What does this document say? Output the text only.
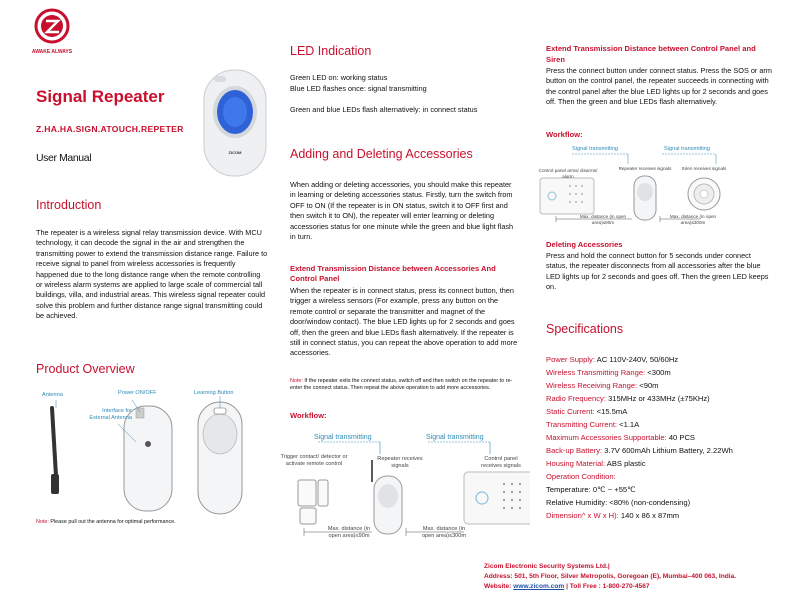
AWAKE ALWAYS
Signal Repeater
Z.HA.HA.SIGN.ATOUCH.REPETER
User Manual	ZICOM
Introduction
The repeater is a wireless signal relay transmission device. With MCU technology, it can decode the signal in the air and strengthen the transmitting power to extend the transmission distance range. Failure to receive signal to panel from wireless accessories is frequently happened due to the long distance range when the remote controlling or wireless alarm systems are applied to large scale of commercial tall buildings, villa, and industrial areas. This wireless signal repeater could solve this problem and further distance range signal transmitting could be achieved.
Product Overview
Antenna	Power ON/OFF	Learning Button
Interface for External Antenna
Note: Please pull out the antenna for optimal performance.
LED Indication
Green LED on: working status
Blue LED flashes once: signal transmitting
Green and blue LEDs flash alternatively: in connect status
Adding and Deleting Accessories
When adding or deleting accessories, you should make this repeater in learning or deleting accessories status. Firstly, turn the switch from OFF to ON (If the repeater is in ON status, switch it to OFF first and then switch it to ON), the repeater will enter learning or deleting accessories status for one minute while the green and blue light flash in turn.
Extend Transmission Distance between Accessories And Control Panel
When the repeater is in connect status, press its connect button, then trigger a wireless sensors (For example, press any button on the remote control or separate the transmitter and magnet of the door/window contact). The blue LED lights up for 2 seconds and goes off, then the green and blue LEDs flash alternatively. If the repeater is still in connect status, you can repeat the above operation to add more accessories.
Note: If the repeater exits the connect status, switch off and then switch on the repeater to re-enter the connect status. Then repeat the above operation to add more accessories.
Workflow:
Signal transmitting	Signal transmitting
Trigger contact/ detector or activate remote control
Repeater receives signals
Control panel receives signals
Max. distance (in open area)≤90m
Max. distance (in open area)≤300m
Extend Transmission Distance between Control Panel and Siren
Press the connect button under connect status. Press the SOS or arm button on the control panel, the repeater succeeds in connecting with the control panel after the blue LED lights up for 2 seconds and goes off. Then the green and blue LEDs flash alternatively.
Workflow:
Signal transmitting	Signal transmitting
Control panel arms/ disarms/ alarm
Repeater receives signals	Siren receives signals
Max. distance (in open area)≤90m
Max. distance (in open area)≤300m
Deleting Accessories
Press and hold the connect button for 5 seconds under connect status, the repeater disconnects from all accessories after the blue LED lights up for 2 seconds and goes off. Then the green LED keeps on.
Specifications
Power Supply: AC 110V-240V, 50/60Hz
Wireless Transmitting Range: <300m
Wireless Receiving Range: <90m
Radio Frequency: 315MHz or 433MHz (±75KHz)
Static Current: <15.5mA
Transmitting Current: <1.1A
Maximum Accessories Supportable: 40 PCS
Back-up Battery: 3.7V 600mAh Lithium Battery, 2.22Wh
Housing Material: ABS plastic
Operation Condition:
Temperature: 0℃ ~ +55℃
Relative Humidity: <80% (non-condensing)
Dimension^ x W x H): 140 x 86 x 87mm
Zicom Electronic Security Systems Ltd.|
Address: 501, 5th Floor, Silver Metropolis, Goregoan (E), Mumbai–400 063, India.
Website: www.zicom.com | Toll Free : 1-800-270-4567
